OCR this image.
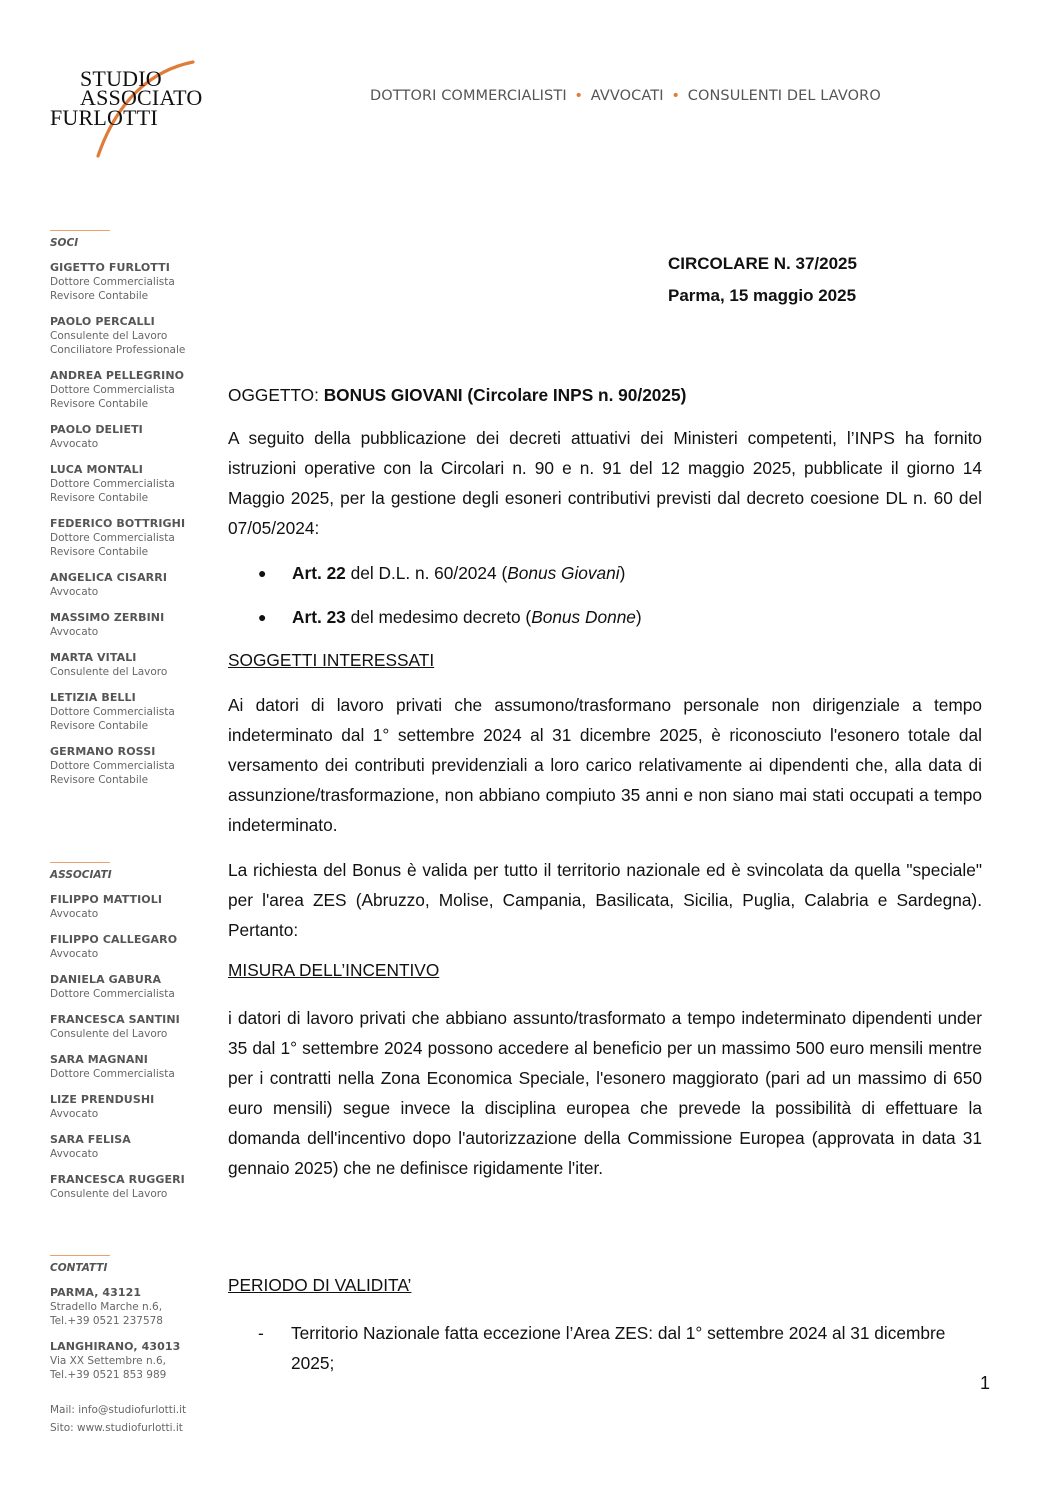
STUDIO
ASSOCIATO
FURLOTTI
DOTTORI COMMERCIALISTI • AVVOCATI • CONSULENTI DEL LAVORO
SOCI
GIGETTO FURLOTTI
Dottore Commercialista
Revisore Contabile
PAOLO PERCALLI
Consulente del Lavoro
Conciliatore Professionale
ANDREA PELLEGRINO
Dottore Commercialista
Revisore Contabile
PAOLO DELIETI
Avvocato
LUCA MONTALI
Dottore Commercialista
Revisore Contabile
FEDERICO BOTTRIGHI
Dottore Commercialista
Revisore Contabile
ANGELICA CISARRI
Avvocato
MASSIMO ZERBINI
Avvocato
MARTA VITALI
Consulente del Lavoro
LETIZIA BELLI
Dottore Commercialista
Revisore Contabile
GERMANO ROSSI
Dottore Commercialista
Revisore Contabile
ASSOCIATI
FILIPPO MATTIOLI
Avvocato
FILIPPO CALLEGARO
Avvocato
DANIELA GABURA
Dottore Commercialista
FRANCESCA SANTINI
Consulente del Lavoro
SARA MAGNANI
Dottore Commercialista
LIZE PRENDUSHI
Avvocato
SARA FELISA
Avvocato
FRANCESCA RUGGERI
Consulente del Lavoro
CONTATTI
PARMA, 43121
Stradello Marche n.6,
Tel.+39 0521 237578
LANGHIRANO, 43013
Via XX Settembre n.6,
Tel.+39 0521 853 989
Mail: info@studiofurlotti.it
Sito: www.studiofurlotti.it
CIRCOLARE N. 37/2025
Parma, 15 maggio 2025
OGGETTO: BONUS GIOVANI (Circolare INPS n. 90/2025)
A seguito della pubblicazione dei decreti attuativi dei Ministeri competenti, l’INPS ha fornito istruzioni operative con la Circolari n. 90 e n. 91 del 12 maggio 2025, pubblicate il giorno 14 Maggio 2025, per la gestione degli esoneri contributivi previsti dal decreto coesione DL n. 60 del 07/05/2024:
●	Art. 22 del D.L. n. 60/2024 (Bonus Giovani)
●	Art. 23 del medesimo decreto (Bonus Donne)
SOGGETTI INTERESSATI
Ai datori di lavoro privati che assumono/trasformano personale non dirigenziale a tempo indeterminato dal 1° settembre 2024 al 31 dicembre 2025, è riconosciuto l'esonero totale dal versamento dei contributi previdenziali a loro carico relativamente ai dipendenti che, alla data di assunzione/trasformazione, non abbiano compiuto 35 anni e non siano mai stati occupati a tempo indeterminato.
La richiesta del Bonus è valida per tutto il territorio nazionale ed è svincolata da quella "speciale" per l'area ZES (Abruzzo, Molise, Campania, Basilicata, Sicilia, Puglia, Calabria e Sardegna). Pertanto:
MISURA DELL’INCENTIVO
i datori di lavoro privati che abbiano assunto/trasformato a tempo indeterminato dipendenti under 35 dal 1° settembre 2024 possono accedere al beneficio per un massimo 500 euro mensili mentre per i contratti nella Zona Economica Speciale, l'esonero maggiorato (pari ad un massimo di 650 euro mensili) segue invece la disciplina europea che prevede la possibilità di effettuare la domanda dell'incentivo dopo l'autorizzazione della Commissione Europea (approvata in data 31 gennaio 2025) che ne definisce rigidamente l'iter.
PERIODO DI VALIDITA’
-	Territorio Nazionale fatta eccezione l’Area ZES: dal 1° settembre 2024 al 31 dicembre 2025;
1
